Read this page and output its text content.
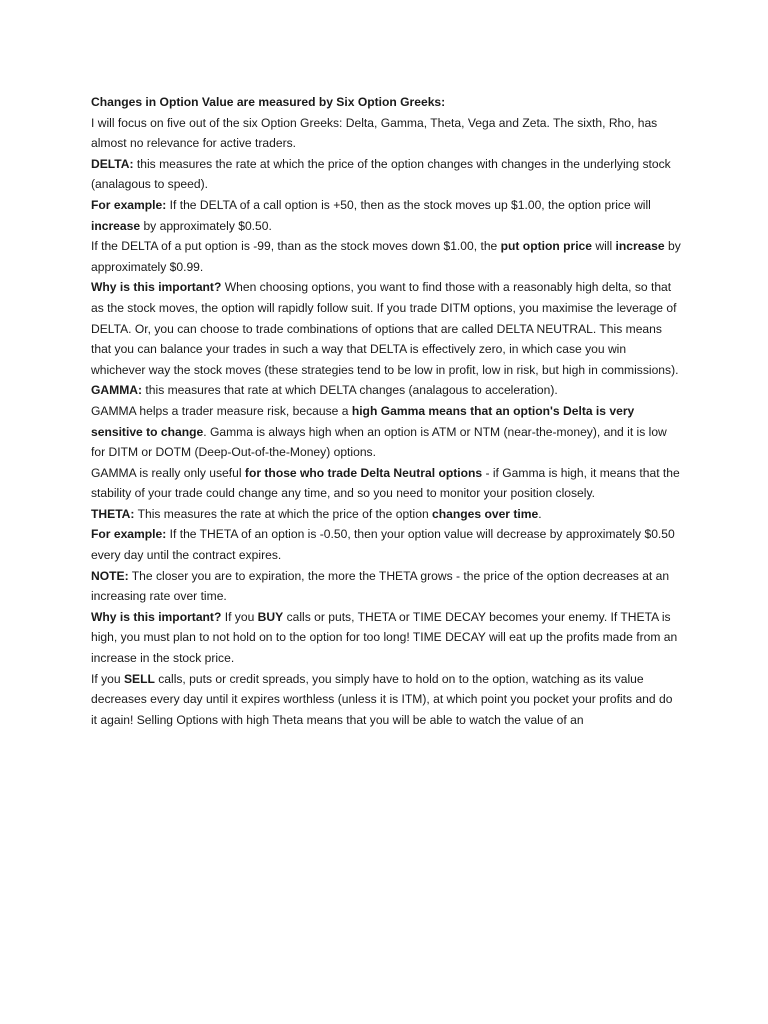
Changes in Option Value are measured by Six Option Greeks:
I will focus on five out of the six Option Greeks: Delta, Gamma, Theta, Vega and Zeta. The sixth, Rho, has almost no relevance for active traders.

DELTA: this measures the rate at which the price of the option changes with changes in the underlying stock (analagous to speed).

For example: If the DELTA of a call option is +50, then as the stock moves up $1.00, the option price will increase by approximately $0.50.

If the DELTA of a put option is -99, than as the stock moves down $1.00, the put option price will increase by approximately $0.99.

Why is this important? When choosing options, you want to find those with a reasonably high delta, so that as the stock moves, the option will rapidly follow suit. If you trade DITM options, you maximise the leverage of DELTA. Or, you can choose to trade combinations of options that are called DELTA NEUTRAL. This means that you can balance your trades in such a way that DELTA is effectively zero, in which case you win whichever way the stock moves (these strategies tend to be low in profit, low in risk, but high in commissions).

GAMMA: this measures that rate at which DELTA changes (analagous to acceleration).

GAMMA helps a trader measure risk, because a high Gamma means that an option's Delta is very sensitive to change. Gamma is always high when an option is ATM or NTM (near-the-money), and it is low for DITM or DOTM (Deep-Out-of-the-Money) options.

GAMMA is really only useful for those who trade Delta Neutral options - if Gamma is high, it means that the stability of your trade could change any time, and so you need to monitor your position closely.

THETA: This measures the rate at which the price of the option changes over time.

For example: If the THETA of an option is -0.50, then your option value will decrease by approximately $0.50 every day until the contract expires.

NOTE: The closer you are to expiration, the more the THETA grows - the price of the option decreases at an increasing rate over time.

Why is this important? If you BUY calls or puts, THETA or TIME DECAY becomes your enemy. If THETA is high, you must plan to not hold on to the option for too long! TIME DECAY will eat up the profits made from an increase in the stock price.

If you SELL calls, puts or credit spreads, you simply have to hold on to the option, watching as its value decreases every day until it expires worthless (unless it is ITM), at which point you pocket your profits and do it again! Selling Options with high Theta means that you will be able to watch the value of an
